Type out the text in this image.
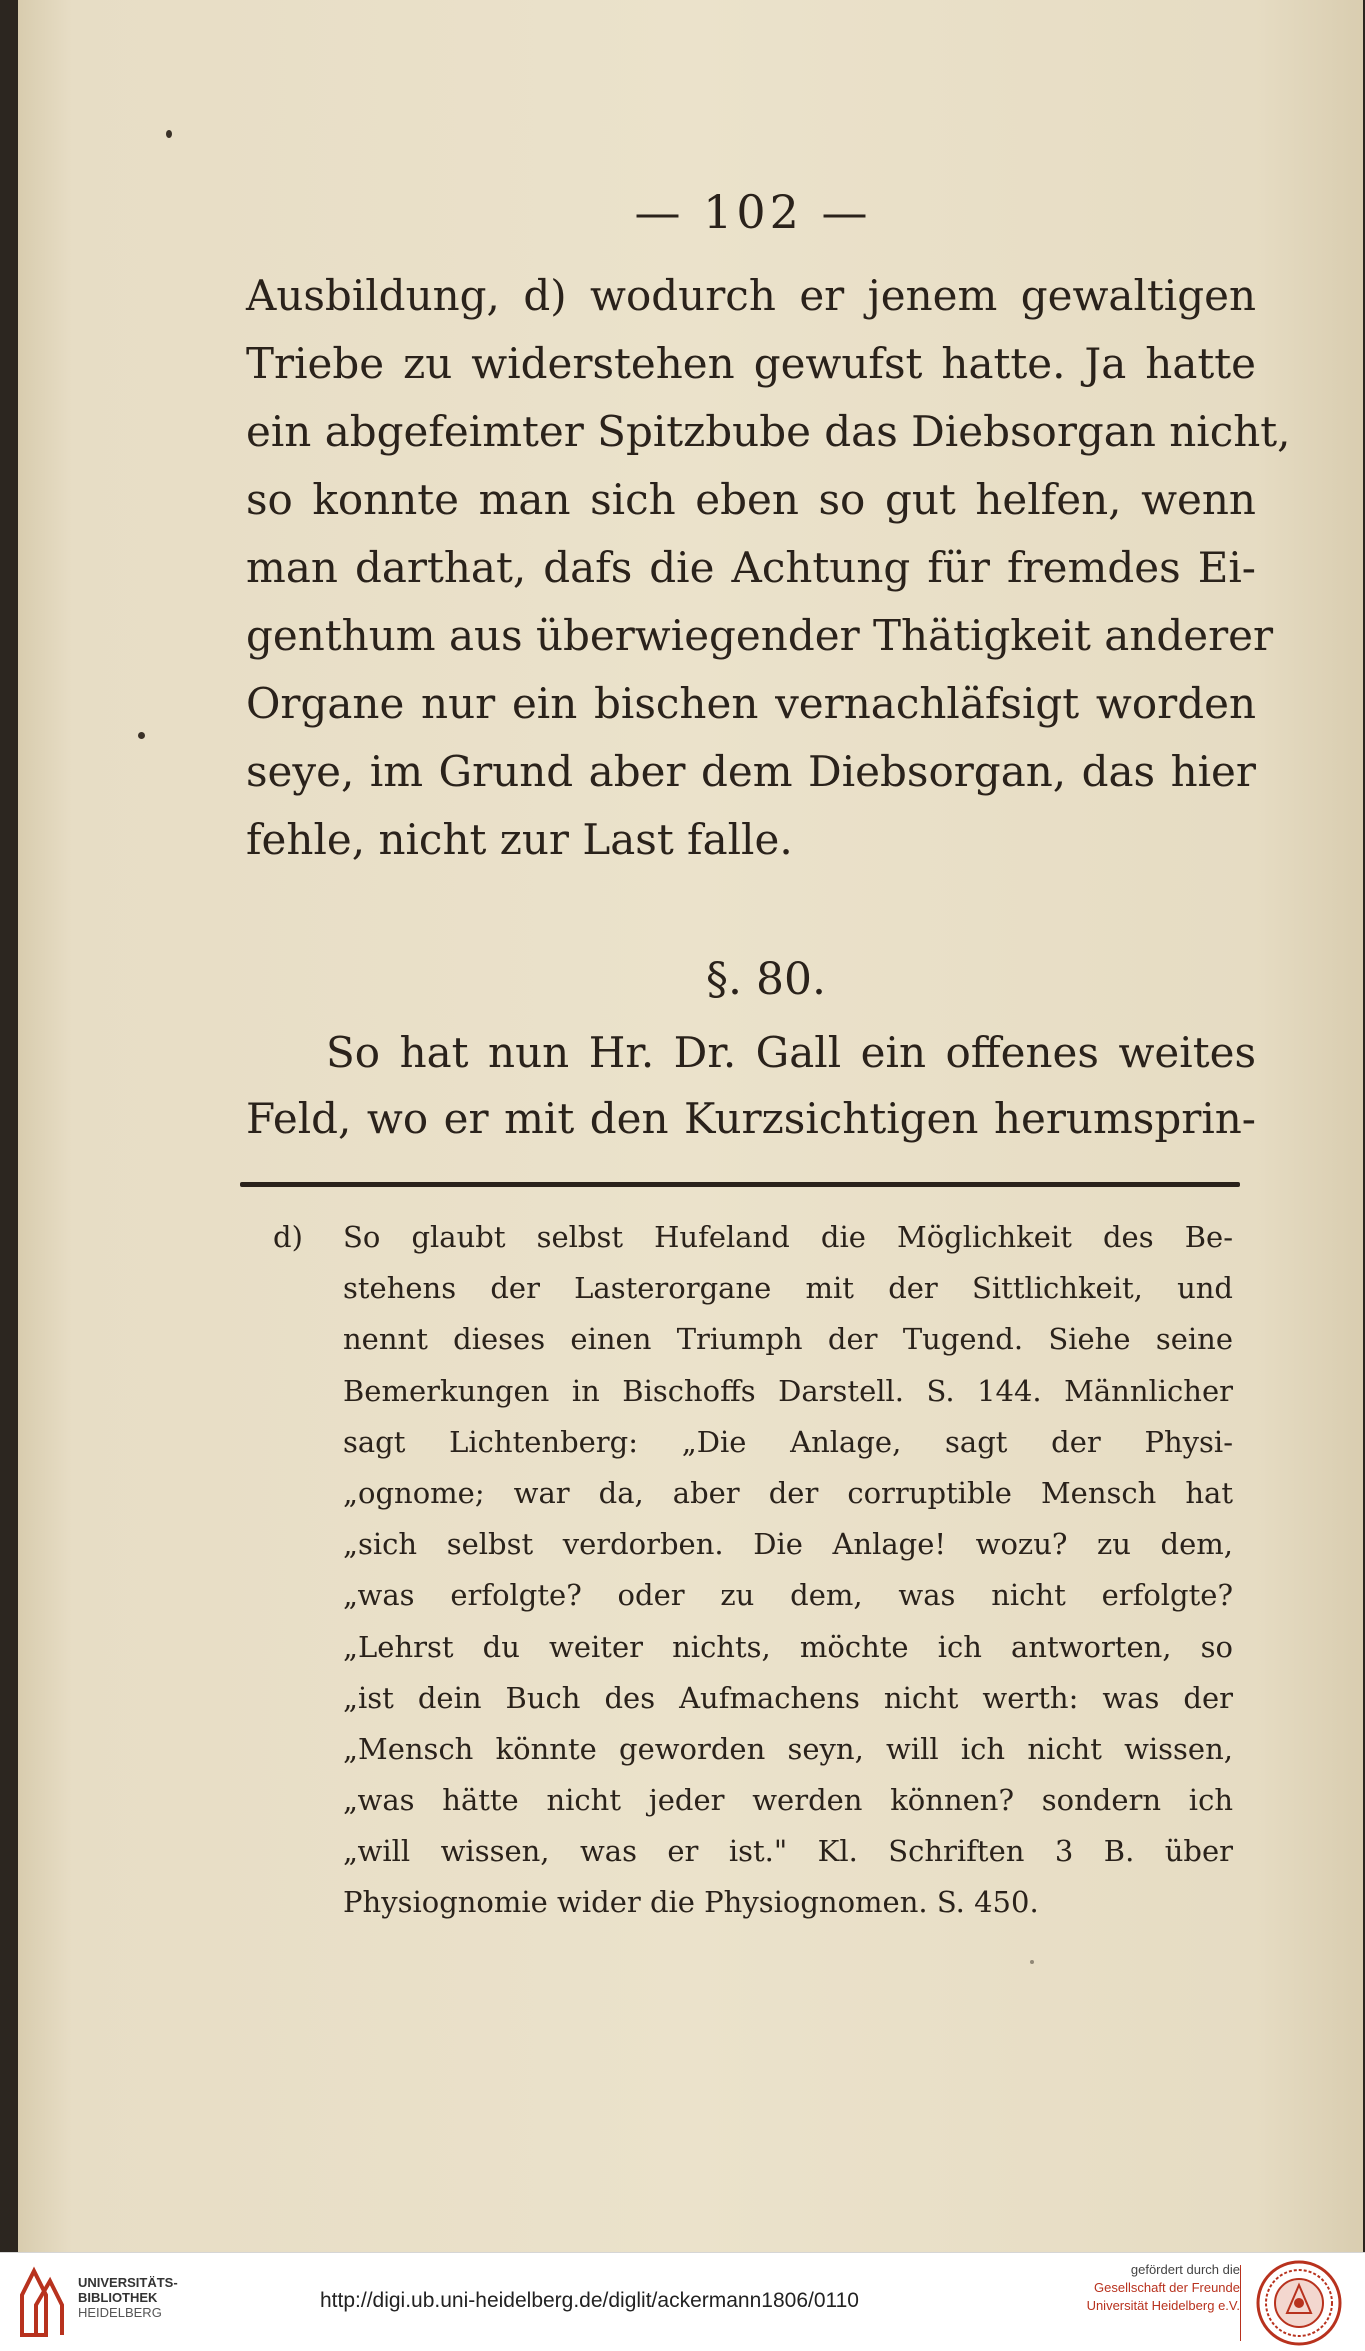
— 102 —
Ausbildung, d) wodurch er jenem gewaltigen
Triebe zu widerstehen gewufst hatte. Ja hatte
ein abgefeimter Spitzbube das Diebsorgan nicht,
so konnte man sich eben so gut helfen, wenn
man darthat, dafs die Achtung für fremdes Ei-
genthum aus überwiegender Thätigkeit anderer
Organe nur ein bischen vernachläfsigt worden
seye, im Grund aber dem Diebsorgan, das hier
fehle, nicht zur Last falle.
§. 80.
So hat nun Hr. Dr. Gall ein offenes weites
Feld, wo er mit den Kurzsichtigen herumsprin-
d) So glaubt selbst Hufeland die Möglichkeit des Be-
stehens der Lasterorgane mit der Sittlichkeit, und
nennt dieses einen Triumph der Tugend. Siehe seine
Bemerkungen in Bischoffs Darstell. S. 144. Männlicher
sagt Lichtenberg: „Die Anlage, sagt der Physi-
„ognome; war da, aber der corruptible Mensch hat
„sich selbst verdorben. Die Anlage! wozu? zu dem,
„was erfolgte? oder zu dem, was nicht erfolgte?
„Lehrst du weiter nichts, möchte ich antworten, so
„ist dein Buch des Aufmachens nicht werth: was der
„Mensch könnte geworden seyn, will ich nicht wissen,
„was hätte nicht jeder werden können? sondern ich
„will wissen, was er ist." Kl. Schriften 3 B. über
Physiognomie wider die Physiognomen. S. 450.
UNIVERSITÄTS-
BIBLIOTHEK
HEIDELBERG
http://digi.ub.uni-heidelberg.de/diglit/ackermann1806/0110
gefördert durch die
Gesellschaft der Freunde
Universität Heidelberg e.V.
